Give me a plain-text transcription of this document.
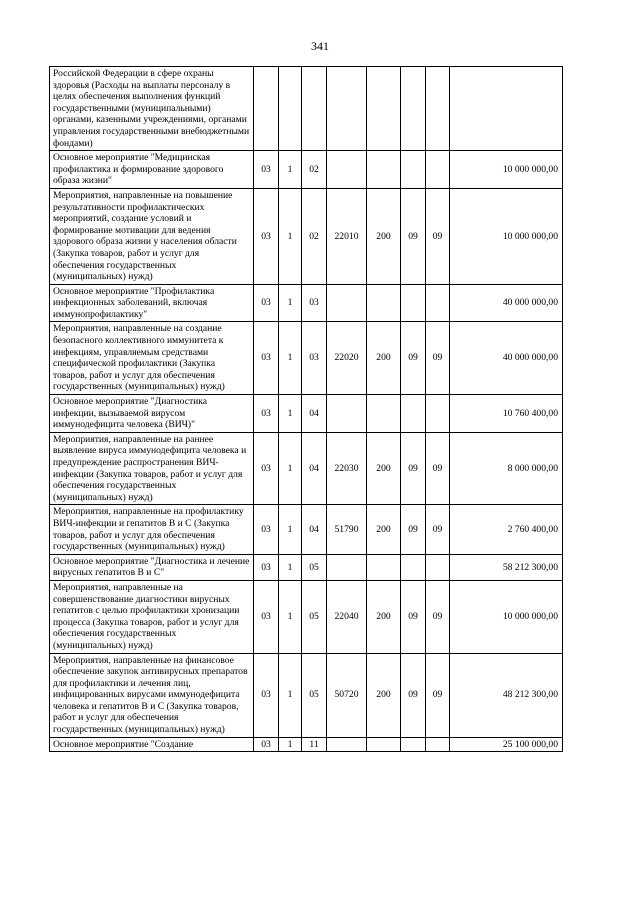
341
Российской Федерации в сфере охраны здоровья (Расходы на выплаты персоналу в целях обеспечения выполнения функций государственными (муниципальными) органами, казенными учреждениями, органами управления государственными внебюджетными фондами)								
Основное мероприятие "Медицинская профилактика и формирование здорового образа жизни"	03	1	02					10 000 000,00
Мероприятия, направленные на повышение результативности профилактических мероприятий, создание условий и формирование мотивации для ведения здорового образа жизни у населения области (Закупка товаров, работ и услуг для обеспечения государственных (муниципальных) нужд)	03	1	02	22010	200	09	09	10 000 000,00
Основное мероприятие "Профилактика инфекционных заболеваний, включая иммунопрофилактику"	03	1	03					40 000 000,00
Мероприятия, направленные на создание безопасного коллективного иммунитета к инфекциям, управляемым средствами специфической профилактики (Закупка товаров, работ и услуг для обеспечения государственных (муниципальных) нужд)	03	1	03	22020	200	09	09	40 000 000,00
Основное мероприятие "Диагностика инфекции, вызываемой вирусом иммунодефицита человека (ВИЧ)"	03	1	04					10 760 400,00
Мероприятия, направленные на раннее выявление вируса иммунодефицита человека и предупреждение распространения ВИЧ-инфекции (Закупка товаров, работ и услуг для обеспечения государственных (муниципальных) нужд)	03	1	04	22030	200	09	09	8 000 000,00
Мероприятия, направленные на профилактику ВИЧ-инфекции и гепатитов В и С (Закупка товаров, работ и услуг для обеспечения государственных (муниципальных) нужд)	03	1	04	51790	200	09	09	2 760 400,00
Основное мероприятие "Диагностика и лечение вирусных гепатитов В и С"	03	1	05					58 212 300,00
Мероприятия, направленные на совершенствование диагностики вирусных гепатитов с целью профилактики хронизации процесса (Закупка товаров, работ и услуг для обеспечения государственных (муниципальных) нужд)	03	1	05	22040	200	09	09	10 000 000,00
Мероприятия, направленные на финансовое обеспечение закупок антивирусных препаратов для профилактики и лечения лиц, инфицированных вирусами иммунодефицита человека и гепатитов В и С (Закупка товаров, работ и услуг для обеспечения государственных (муниципальных) нужд)	03	1	05	50720	200	09	09	48 212 300,00
Основное мероприятие "Создание	03	1	11					25 100 000,00
